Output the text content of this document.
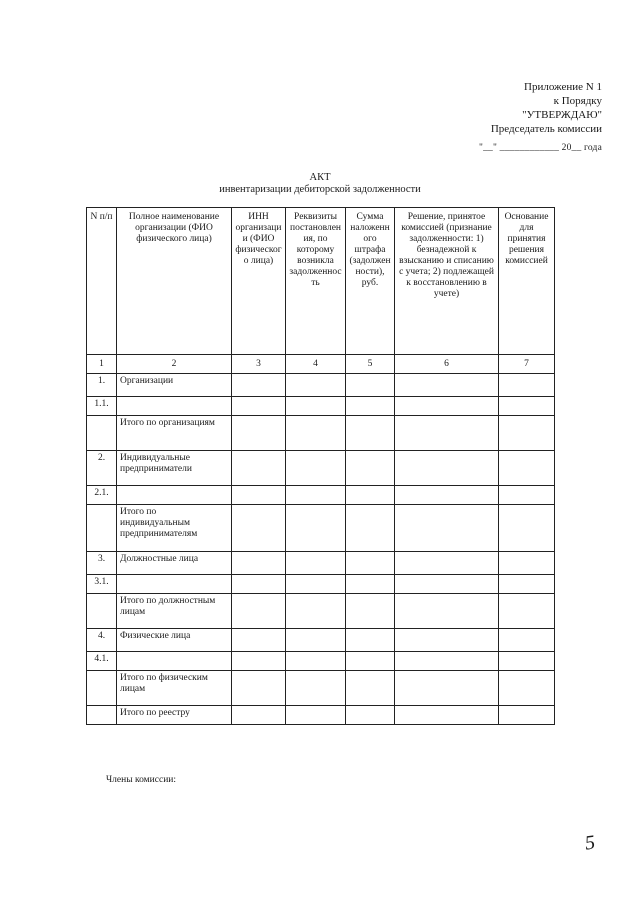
Приложение N 1
к Порядку
"УТВЕРЖДАЮ"
Председатель комиссии
"__" ____________ 20__ года
АКТ
инвентаризации дебиторской задолженности
N п/п	Полное наименование организации (ФИО физического лица)	ИНН организации (ФИО физического лица)	Реквизиты постановления, по которому возникла задолженность	Сумма наложенного штрафа (задолженности), руб.	Решение, принятое комиссией (признание задолженности: 1) безнадежной к взысканию и списанию с учета; 2) подлежащей к восстановлению в учете)	Основание для принятия решения комиссией
1	2	3	4	5	6	7
1.	Организации					
1.1.						
	Итого по организациям					
2.	Индивидуальные предприниматели					
2.1.						
	Итого по индивидуальным предпринимателям					
3.	Должностные лица					
3.1.						
	Итого по должностным лицам					
4.	Физические лица					
4.1.						
	Итого по физическим лицам					
	Итого по реестру					
Члены комиссии:
5
